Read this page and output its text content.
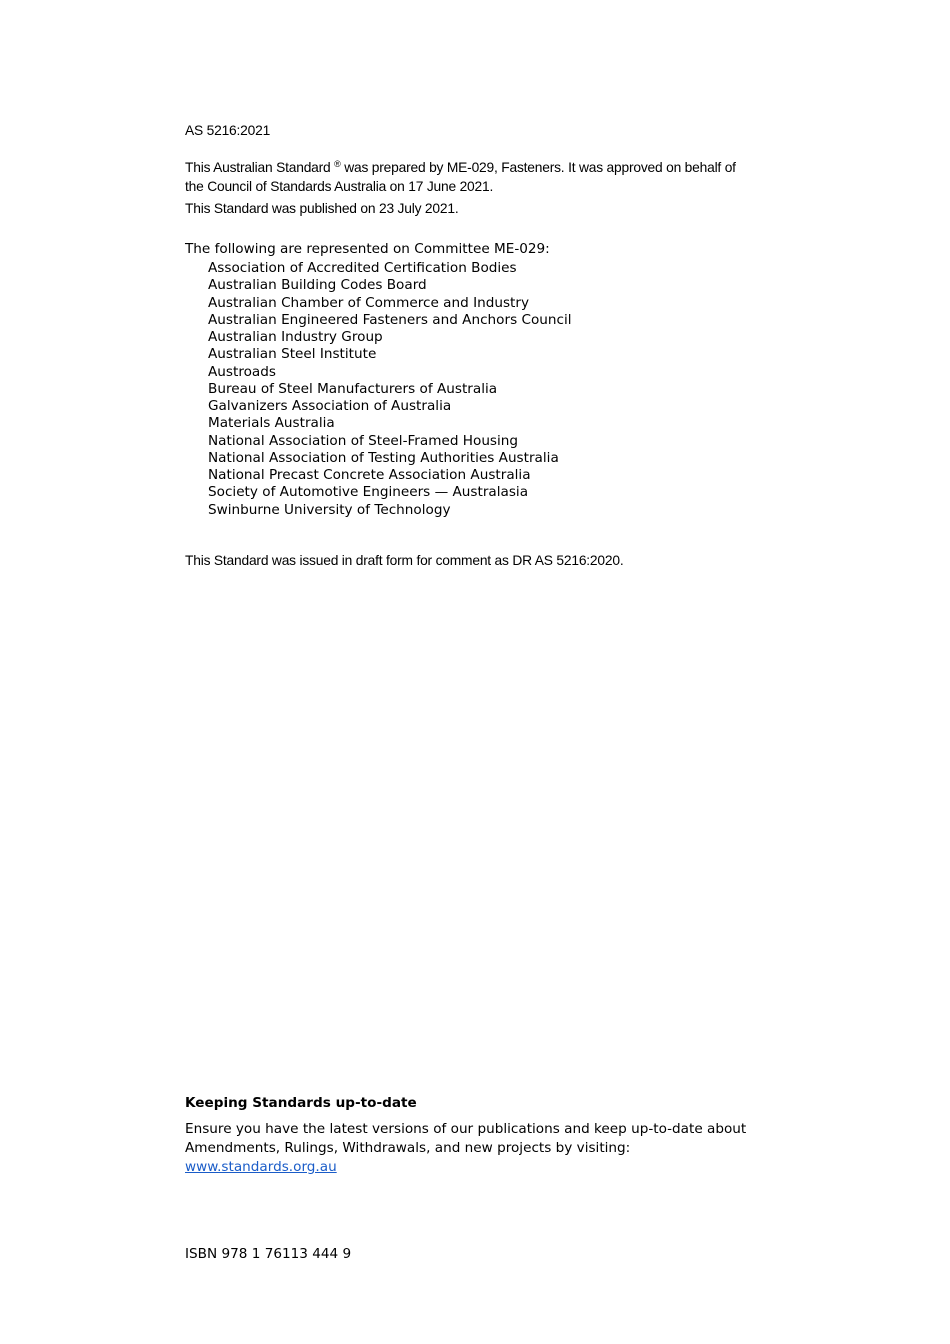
AS 5216:2021
This Australian Standard ® was prepared by ME-029, Fasteners. It was approved on behalf of the Council of Standards Australia on 17 June 2021.
This Standard was published on 23 July 2021.
The following are represented on Committee ME-029:
Association of Accredited Certification Bodies
Australian Building Codes Board
Australian Chamber of Commerce and Industry
Australian Engineered Fasteners and Anchors Council
Australian Industry Group
Australian Steel Institute
Austroads
Bureau of Steel Manufacturers of Australia
Galvanizers Association of Australia
Materials Australia
National Association of Steel-Framed Housing
National Association of Testing Authorities Australia
National Precast Concrete Association Australia
Society of Automotive Engineers — Australasia
Swinburne University of Technology
This Standard was issued in draft form for comment as DR AS 5216:2020.
Keeping Standards up-to-date
Ensure you have the latest versions of our publications and keep up-to-date about Amendments, Rulings, Withdrawals, and new projects by visiting:
www.standards.org.au
ISBN 978 1 76113 444 9
